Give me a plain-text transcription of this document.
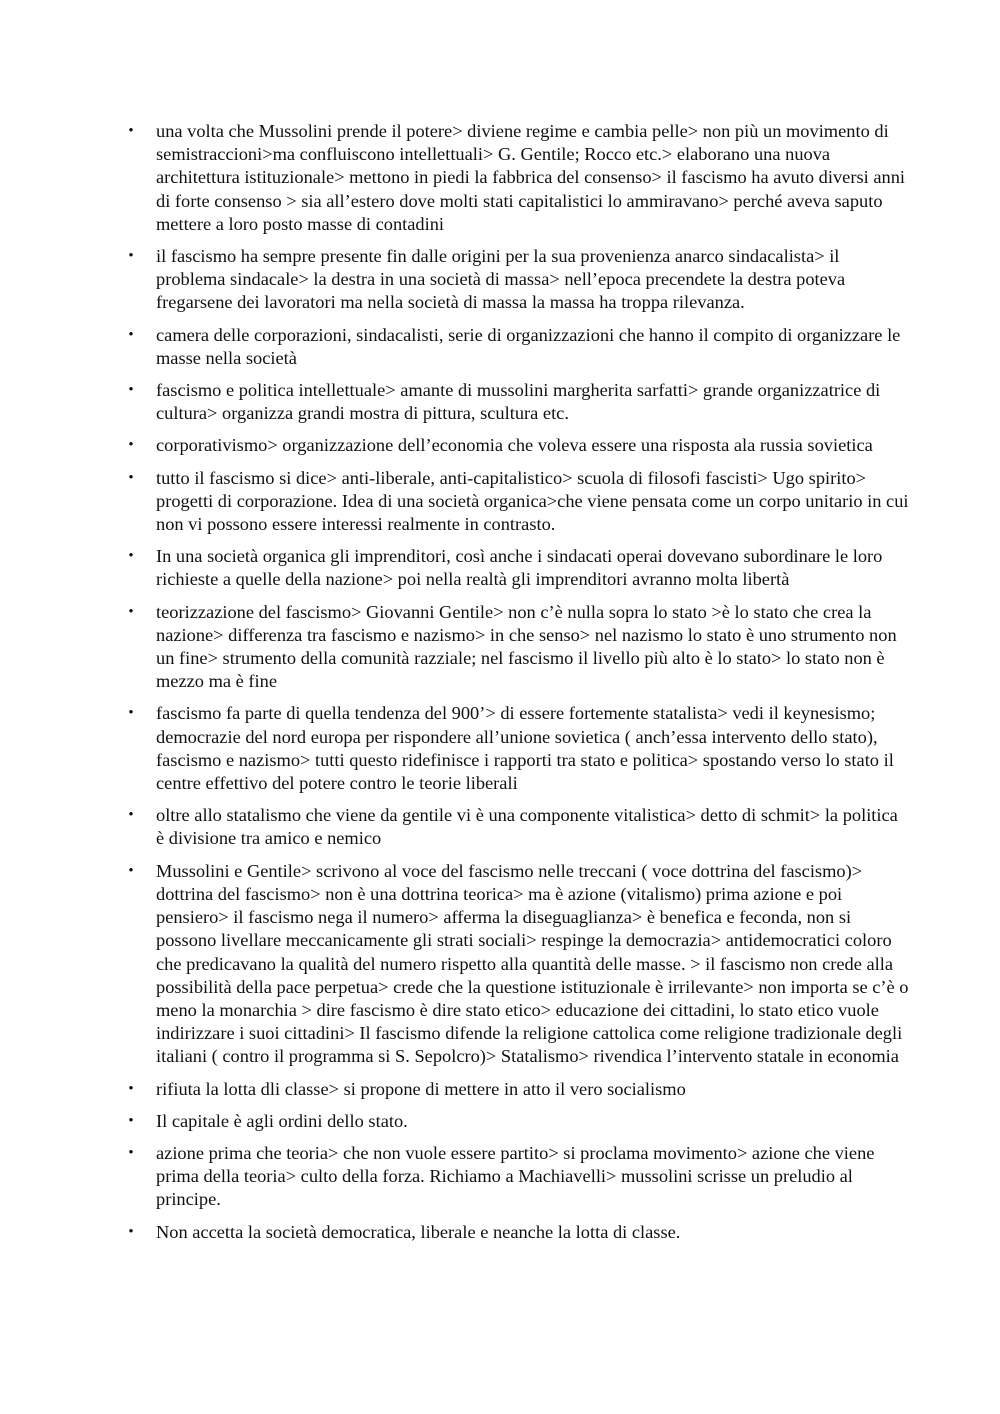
• una volta che Mussolini prende il potere> diviene regime e cambia pelle> non più un movimento di semistraccioni>ma confluiscono intellettuali> G. Gentile; Rocco etc.> elaborano una nuova architettura istituzionale> mettono in piedi la fabbrica del consenso> il fascismo ha avuto diversi anni di forte consenso > sia all’estero dove molti stati capitalistici lo ammiravano> perché aveva saputo mettere a loro posto masse di contadini
• il fascismo ha sempre presente fin dalle origini per la sua provenienza anarco sindacalista> il problema sindacale> la destra in una società di massa> nell’epoca precendete la destra poteva fregarsene dei lavoratori ma nella società di massa la massa ha troppa rilevanza.
• camera delle corporazioni, sindacalisti, serie di organizzazioni che hanno il compito di organizzare le masse nella società
• fascismo e politica intellettuale> amante di mussolini margherita sarfatti> grande organizzatrice di cultura> organizza grandi mostra di pittura, scultura etc.
• corporativismo> organizzazione dell’economia che voleva essere una risposta ala russia sovietica
• tutto il fascismo si dice> anti-liberale, anti-capitalistico> scuola di filosofi fascisti> Ugo spirito> progetti di corporazione. Idea di una società organica>che viene pensata come un corpo unitario in cui non vi possono essere interessi realmente in contrasto.
• In una società organica gli imprenditori, così anche i sindacati operai dovevano subordinare le loro richieste a quelle della nazione> poi nella realtà gli imprenditori avranno molta libertà
• teorizzazione del fascismo> Giovanni Gentile> non c’è nulla sopra lo stato >è lo stato che crea la nazione> differenza tra fascismo e nazismo> in che senso> nel nazismo lo stato è uno strumento non un fine> strumento della comunità razziale; nel fascismo il livello più alto è lo stato> lo stato non è mezzo ma è fine
• fascismo fa parte di quella tendenza del 900’> di essere fortemente statalista> vedi il keynesismo; democrazie del nord europa per rispondere all’unione sovietica ( anch’essa intervento dello stato), fascismo e nazismo> tutti questo ridefinisce i rapporti tra stato e politica> spostando verso lo stato il centre effettivo del potere contro le teorie liberali
• oltre allo statalismo che viene da gentile vi è una componente vitalistica> detto di schmit> la politica è divisione tra amico e nemico
• Mussolini e Gentile> scrivono al voce del fascismo nelle treccani ( voce dottrina del fascismo)> dottrina del fascismo> non è una dottrina teorica> ma è azione (vitalismo) prima azione e poi pensiero> il fascismo nega il numero> afferma la diseguaglianza> è benefica e feconda, non si possono livellare meccanicamente gli strati sociali> respinge la democrazia> antidemocratici coloro che predicavano la qualità del numero rispetto alla quantità delle masse. > il fascismo non crede alla possibilità della pace perpetua> crede che la questione istituzionale è irrilevante> non importa se c’è o meno la monarchia > dire fascismo è dire stato etico> educazione dei cittadini, lo stato etico vuole indirizzare i suoi cittadini> Il fascismo difende la religione cattolica come religione tradizionale degli italiani ( contro il programma si S. Sepolcro)> Statalismo> rivendica l’intervento statale in economia
• rifiuta la lotta dli classe> si propone di mettere in atto il vero socialismo
• Il capitale è agli ordini dello stato.
• azione prima che teoria> che non vuole essere partito> si proclama movimento> azione che viene prima della teoria> culto della forza. Richiamo a Machiavelli> mussolini scrisse un preludio al principe.
• Non accetta la società democratica, liberale e neanche la lotta di classe.
